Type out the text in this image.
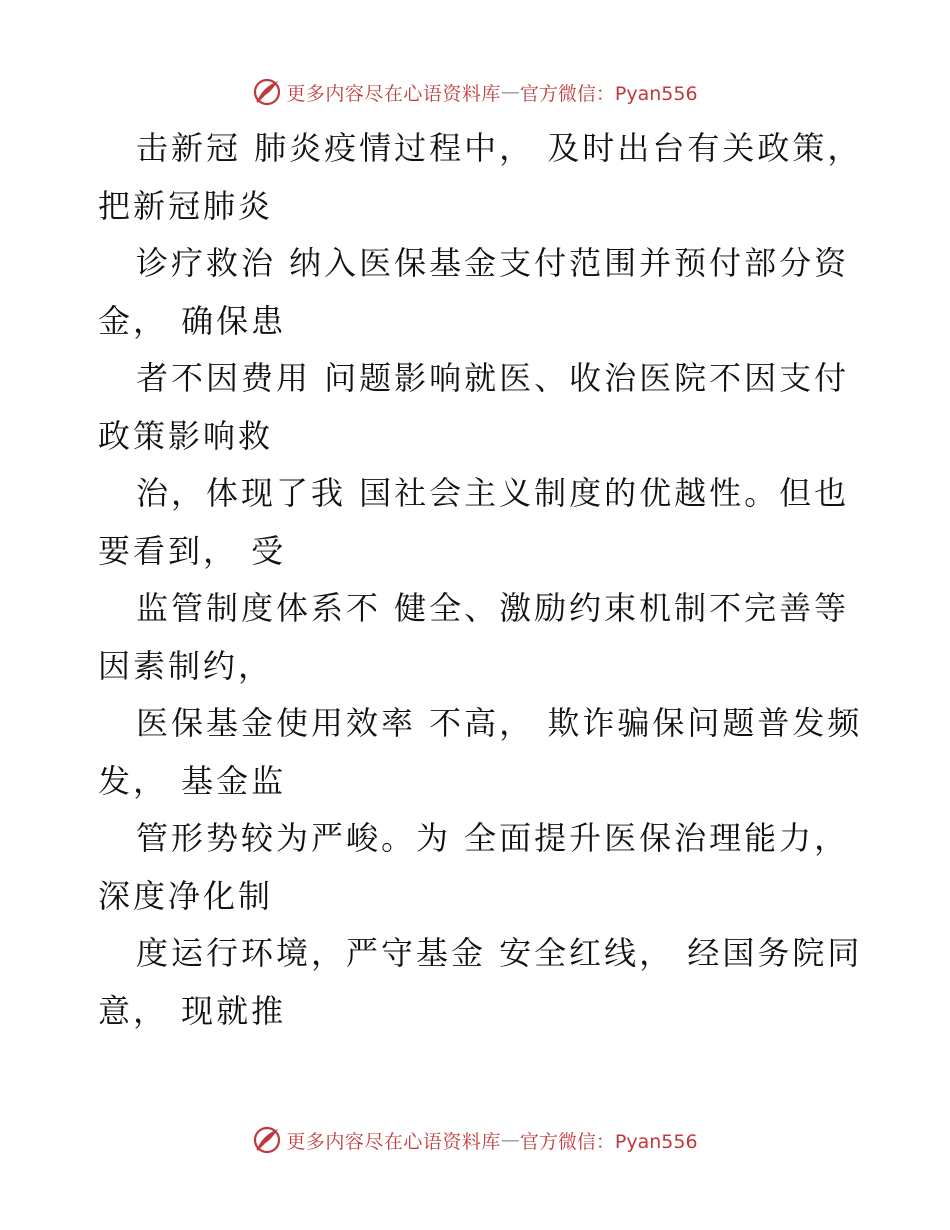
更多内容尽在心语资料库 — 官方微信：Pyan556
击新冠 肺炎疫情过程中， 及时出台有关政策，
把新冠肺炎
诊疗救治 纳入医保基金支付范围并预付部分资
金， 确保患
者不因费用 问题影响就医、收治医院不因支付
政策影响救
治，体现了我 国社会主义制度的优越性。但也
要看到， 受
监管制度体系不 健全、激励约束机制不完善等
因素制约，
医保基金使用效率 不高， 欺诈骗保问题普发频
发， 基金监
管形势较为严峻。为 全面提升医保治理能力，
深度净化制
度运行环境，严守基金 安全红线， 经国务院同
意， 现就推
更多内容尽在心语资料库 — 官方微信：Pyan556
